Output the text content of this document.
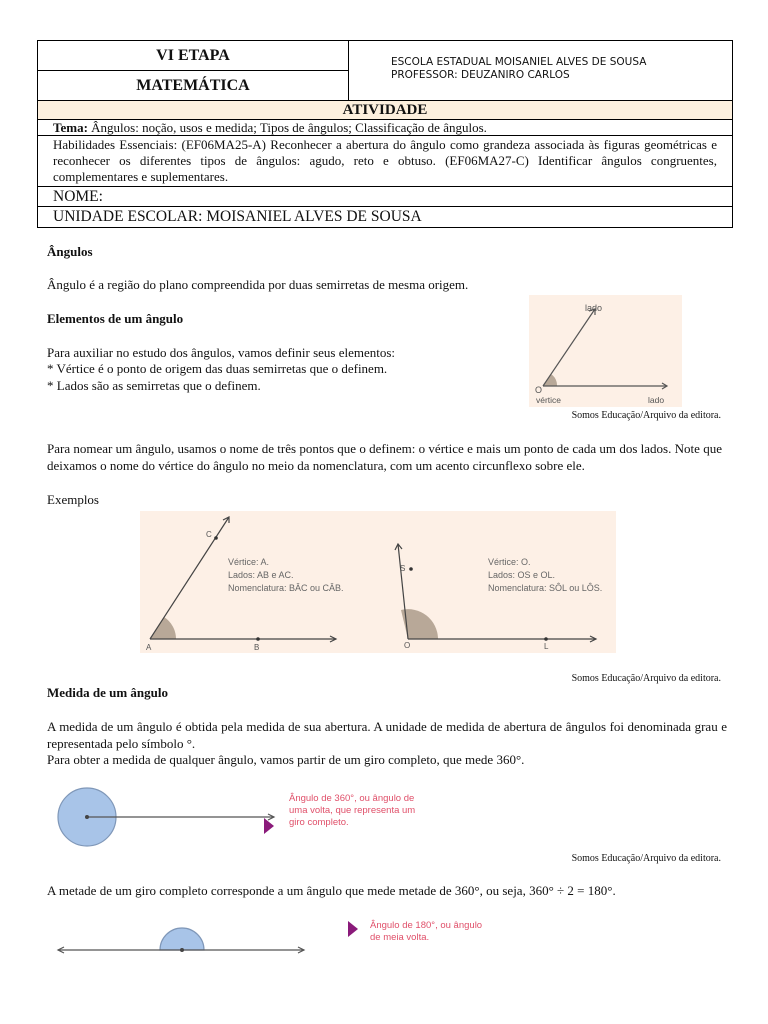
VI ETAPA
MATEMÁTICA
ESCOLA ESTADUAL MOISANIEL ALVES DE SOUSA
PROFESSOR: DEUZANIRO CARLOS
ATIVIDADE
Tema: Ângulos: noção, usos e medida; Tipos de ângulos; Classificação de ângulos.
Habilidades Essenciais: (EF06MA25-A) Reconhecer a abertura do ângulo como grandeza associada às figuras geométricas e reconhecer os diferentes tipos de ângulos: agudo, reto e obtuso. (EF06MA27-C) Identificar ângulos congruentes, complementares e suplementares.
NOME:
UNIDADE ESCOLAR: MOISANIEL ALVES DE SOUSA
Ângulos
Ângulo é a região do plano compreendida por duas semirretas de mesma origem.
Elementos de um ângulo
Para auxiliar no estudo dos ângulos, vamos definir seus elementos:
* Vértice é o ponto de origem das duas semirretas que o definem.
* Lados são as semirretas que o definem.
lado
O
vértice	lado
Somos Educação/Arquivo da editora.
Para nomear um ângulo, usamos o nome de três pontos que o definem: o vértice e mais um ponto de cada um dos lados. Note que deixamos o nome do vértice do ângulo no meio da nomenclatura, com um acento circunflexo sobre ele.
Exemplos
A	B
C
Vértice: A.
Lados: AB e AC.
Nomenclatura: BÂC ou CÂB.
O
S
L
Vértice: O.
Lados: OS e OL.
Nomenclatura: SÔL ou LÔS.
Somos Educação/Arquivo da editora.
Medida de um ângulo
A medida de um ângulo é obtida pela medida de sua abertura. A unidade de medida de abertura de ângulos foi denominada grau e representada pelo símbolo °.
Para obter a medida de qualquer ângulo, vamos partir de um giro completo, que mede 360°.
Ângulo de 360°, ou ângulo de
uma volta, que representa um
giro completo.
Somos Educação/Arquivo da editora.
A metade de um giro completo corresponde a um ângulo que mede metade de 360°, ou seja, 360° ÷ 2 = 180°.
Ângulo de 180°, ou ângulo
de meia volta.
